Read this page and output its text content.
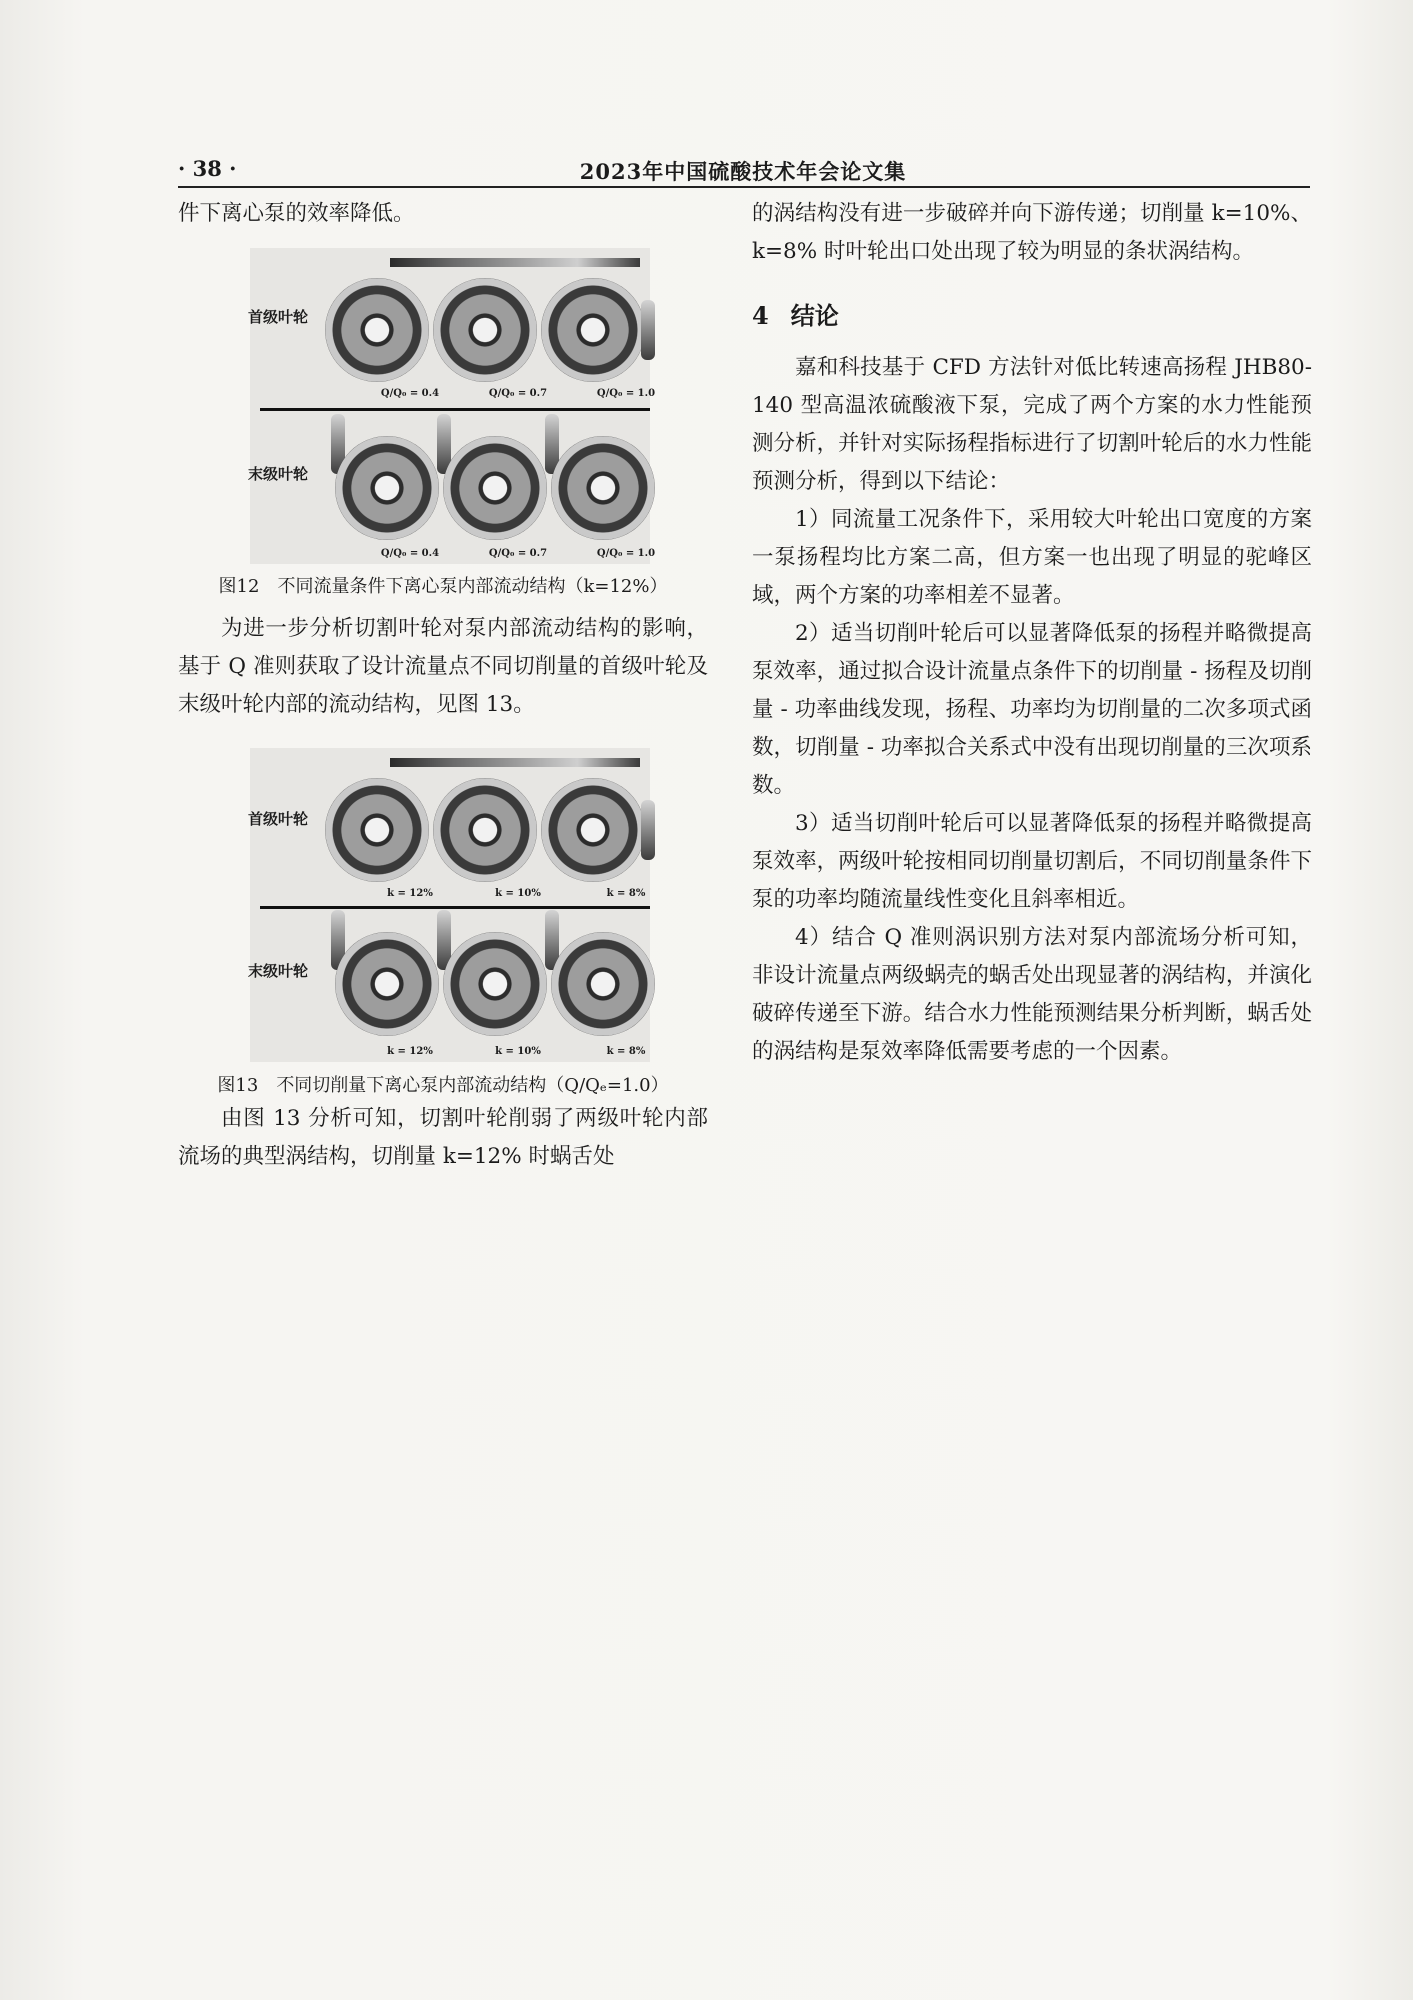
· 38 ·	2023年中国硫酸技术年会论文集

件下离心泵的效率降低。

首级叶轮
Q/Q₀ = 0.4	Q/Q₀ = 0.7	Q/Q₀ = 1.0
末级叶轮
Q/Q₀ = 0.4	Q/Q₀ = 0.7	Q/Q₀ = 1.0
图12 不同流量条件下离心泵内部流动结构（k=12%）

为进一步分析切割叶轮对泵内部流动结构的影响，基于 Q 准则获取了设计流量点不同切削量的首级叶轮及末级叶轮内部的流动结构，见图 13。

首级叶轮
k = 12%	k = 10%	k = 8%
末级叶轮
k = 12%	k = 10%	k = 8%
图13 不同切削量下离心泵内部流动结构（Q/Qₑ=1.0）

由图 13 分析可知，切割叶轮削弱了两级叶轮内部流场的典型涡结构，切削量 k=12% 时蜗舌处

的涡结构没有进一步破碎并向下游传递；切削量 k=10%、k=8% 时叶轮出口处出现了较为明显的条状涡结构。

4 结论

嘉和科技基于 CFD 方法针对低比转速高扬程 JHB80-140 型高温浓硫酸液下泵，完成了两个方案的水力性能预测分析，并针对实际扬程指标进行了切割叶轮后的水力性能预测分析，得到以下结论：

1）同流量工况条件下，采用较大叶轮出口宽度的方案一泵扬程均比方案二高，但方案一也出现了明显的驼峰区域，两个方案的功率相差不显著。

2）适当切削叶轮后可以显著降低泵的扬程并略微提高泵效率，通过拟合设计流量点条件下的切削量 - 扬程及切削量 - 功率曲线发现，扬程、功率均为切削量的二次多项式函数，切削量 - 功率拟合关系式中没有出现切削量的三次项系数。

3）适当切削叶轮后可以显著降低泵的扬程并略微提高泵效率，两级叶轮按相同切削量切割后，不同切削量条件下泵的功率均随流量线性变化且斜率相近。

4）结合 Q 准则涡识别方法对泵内部流场分析可知，非设计流量点两级蜗壳的蜗舌处出现显著的涡结构，并演化破碎传递至下游。结合水力性能预测结果分析判断，蜗舌处的涡结构是泵效率降低需要考虑的一个因素。
